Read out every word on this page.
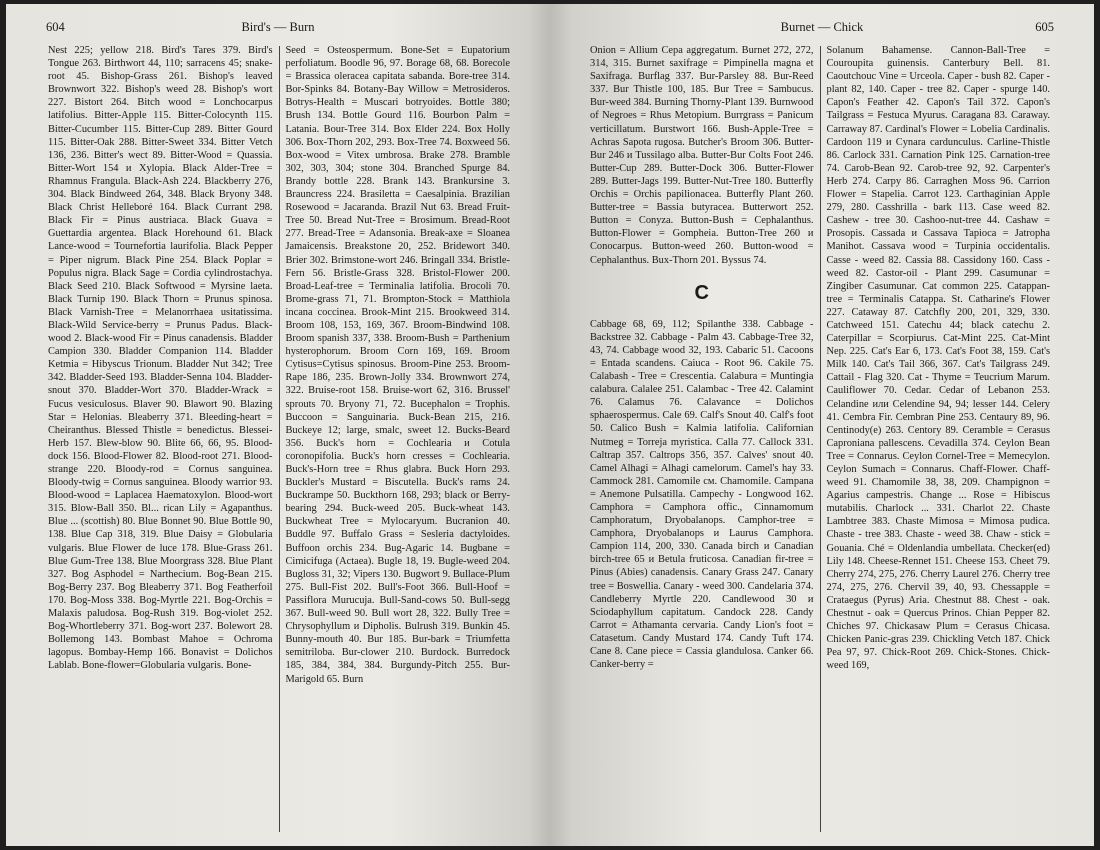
604	Bird's — Burn
Nest 225; yellow 218. Bird's Tares 379. Bird's Tongue 263. Birthwort 44, 110; sarracens 45; snake-root 45. Bishop-Grass 261. Bishop's leaved Brownwort 322. Bishop's weed 28. Bishop's wort 227. Bistort 264. Bitch wood = Lonchocarpus latifolius. Bitter-Apple 115. Bitter-Colocynth 115. Bitter-Cucumber 115. Bitter-Cup 289. Bitter Gourd 115. Bitter-Oak 288. Bitter-Sweet 334. Bitter Vetch 136, 236. Bitter's wect 89. Bitter-Wood = Quassia. Bitter-Wort 154 и Xylopia. Black Alder-Tree = Rhamnus Frangula. Black-Ash 224. Blackberry 276, 304. Black Bindweed 264, 348. Black Bryony 348. Black Christ Helleboré 164. Black Currant 298. Black Fir = Pinus austriaca. Black Guava = Guettardia argentea. Black Horehound 61. Black Lance-wood = Tournefortia laurifolia. Black Pepper = Piper nigrum. Black Pine 254. Black Poplar = Populus nigra. Black Sage = Cordia cylindrostachya. Black Seed 210. Black Softwood = Myrsine laeta. Black Turnip 190. Black Thorn = Prunus spinosa. Black Varnish-Tree = Melanorrhaea usitatissima. Black-Wild Service-berry = Prunus Padus. Black-wood 2. Black-wood Fir = Pinus canadensis. Bladder Campion 330. Bladder Companion 114. Bladder Ketmia = Hibyscus Trionum. Bladder Nut 342; Tree 342. Bladder-Seed 193. Bladder-Senna 104. Bladder-snout 370. Bladder-Wort 370. Bladder-Wrack = Fucus vesiculosus. Blaver 90. Blawort 90. Blazing Star = Helonias. Bleaberry 371. Bleeding-heart = Cheiranthus. Blessed Thistle = benedictus. Blessei-Herb 157. Blew-blow 90. Blite 66, 66, 95. Blood-dock 156. Blood-Flower 82. Blood-root 271. Blood-strange 220. Bloody-rod = Cornus sanguinea. Bloody-twig = Cornus sanguinea. Bloody warrior 93. Blood-wood = Laplacea Haematoxylon. Blood-wort 315. Blow-Ball 350. Bl... rican Lily = Agapanthus. Blue ... (scottish) 80. Blue Bonnet 90. Blue Bottle 90, 138. Blue Cap 318, 319. Blue Daisy = Globularia vulgaris. Blue Flower de luce 178. Blue-Grass 261. Blue Gum-Tree 138. Blue Moorgrass 328. Blue Plant 327. Bog Asphodel = Narthecium. Bog-Bean 215. Bog-Berry 237. Bog Bleaberry 371. Bog Featherfoil 170. Bog-Moss 338. Bog-Myrtle 221. Bog-Orchis = Malaxis paludosa. Bog-Rush 319. Bog-violet 252. Bog-Whortleberry 371. Bog-wort 237. Bolewort 28. Bollemong 143. Bombast Mahoe = Ochroma lagopus. Bombay-Hemp 166. Bonavist = Dolichos Lablab. Bone-flower=Globularia vulgaris. Bone-
Seed = Osteospermum. Bone-Set = Eupatorium perfoliatum. Boodle 96, 97. Borage 68, 68. Borecole = Brassica oleracea capitata sabanda. Bore-tree 314. Bor-Spinks 84. Botany-Bay Willow = Metrosideros. Botrys-Health = Muscari botryoides. Bottle 380; Brush 134. Bottle Gourd 116. Bourbon Palm = Latania. Bour-Tree 314. Box Elder 224. Box Holly 306. Box-Thorn 202, 293. Box-Tree 74. Boxweed 56. Box-wood = Vitex umbrosa. Brake 278. Bramble 302, 303, 304; stone 304. Branched Spurge 84. Brandy bottle 228. Brank 143. Brankursine 3. Brauncress 224. Brasiletta = Caesalpinia. Brazilian Rosewood = Jacaranda. Brazil Nut 63. Bread Fruit-Tree 50. Bread Nut-Tree = Brosimum. Bread-Root 277. Bread-Tree = Adansonia. Break-axe = Sloanea Jamaicensis. Breakstone 20, 252. Bridewort 340. Brier 302. Brimstone-wort 246. Bringall 334. Bristle-Fern 56. Bristle-Grass 328. Bristol-Flower 200. Broad-Leaf-tree = Terminalia latifolia. Brocoli 70. Brome-grass 71, 71. Brompton-Stock = Matthiola incana coccinea. Brook-Mint 215. Brookweed 314. Broom 108, 153, 169, 367. Broom-Bindwind 108. Broom spanish 337, 338. Broom-Bush = Parthenium hysterophorum. Broom Corn 169, 169. Broom Cytisus=Cytisus spinosus. Broom-Pine 253. Broom-Rape 186, 235. Brown-Jolly 334. Brownwort 274, 322. Bruise-root 158. Bruise-wort 62, 316. Brussel' sprouts 70. Bryony 71, 72. Bucephalon = Trophis. Buccoon = Sanguinaria. Buck-Bean 215, 216. Buckeye 12; large, smalc, sweet 12. Bucks-Beard 356. Buck's horn = Cochlearia и Cotula coronopifolia. Buck's horn cresses = Cochlearia. Buck's-Horn tree = Rhus glabra. Buck Horn 293. Buckler's Mustard = Biscutella. Buck's rams 24. Buckrampe 50. Buckthorn 168, 293; black or Berry-bearing 294. Buck-weed 205. Buck-wheat 143. Buckwheat Tree = Mylocaryum. Bucranion 40. Buddle 97. Buffalo Grass = Sesleria dactyloides. Buffoon orchis 234. Bug-Agaric 14. Bugbane = Cimicifuga (Actaea). Bugle 18, 19. Bugle-weed 204. Bugloss 31, 32; Vipers 130. Bugwort 9. Bullace-Plum 275. Bull-Fist 202. Bull's-Foot 366. Bull-Hoof = Passiflora Murucuja. Bull-Sand-cows 50. Bull-segg 367. Bull-weed 90. Bull wort 28, 322. Bully Tree = Chrysophyllum и Dipholis. Bulrush 319. Bunkin 45. Bunny-mouth 40. Bur 185. Bur-bark = Triumfetta semitriloba. Bur-clower 210. Burdock. Burredock 185, 384, 384, 384. Burgundy-Pitch 255. Bur-Marigold 65. Burn
Burnet — Chick	605
Onion = Allium Cepa aggregatum. Burnet 272, 272, 314, 315. Burnet saxifrage = Pimpinella magna et Saxifraga. Burflag 337. Bur-Parsley 88. Bur-Reed 337. Bur Thistle 100, 185. Bur Tree = Sambucus. Bur-weed 384. Burning Thorny-Plant 139. Burnwood of Negroes = Rhus Metopium. Burrgrass = Panicum verticillatum. Burstwort 166. Bush-Apple-Tree = Achras Sapota rugosa. Butcher's Broom 306. Butter-Bur 246 и Tussilago alba. Butter-Bur Colts Foot 246. Butter-Cup 289. Butter-Dock 306. Butter-Flower 289. Butter-Jags 199. Butter-Nut-Tree 180. Butterfly Orchis = Orchis papilionacea. Butterfly Plant 260. Butter-tree = Bassia butyracea. Butterwort 252. Button = Conyza. Button-Bush = Cephalanthus. Button-Flower = Gompheia. Button-Tree 260 и Conocarpus. Button-weed 260. Button-wood = Cephalanthus. Bux-Thorn 201. Byssus 74.
C
Cabbage 68, 69, 112; Spilanthe 338. Cabbage - Backstree 32. Cabbage - Palm 43. Cabbage-Tree 32, 43, 74. Cabbage wood 32, 193. Cabaric 51. Cacoons = Entada scandens. Caiuca - Root 96. Cakile 75. Calabash - Tree = Crescentia. Calabura = Muntingia calabura. Calalee 251. Calambac - Tree 42. Calamint 76. Calamus 76. Calavance = Dolichos sphaerospermus. Cale 69. Calf's Snout 40. Calf's foot 50. Calico Bush = Kalmia latifolia. Californian Nutmeg = Torreja myristica. Calla 77. Callock 331. Caltrap 357. Caltrops 356, 357. Calves' snout 40. Camel Alhagi = Alhagi camelorum. Camel's hay 33. Cammock 281. Camomile см. Chamomile. Campana = Anemone Pulsatilla. Campechy - Longwood 162. Camphora = Camphora offic., Cinnamomum Camphoratum, Dryobalanops. Camphor-tree = Camphora, Dryobalanops и Laurus Camphora. Campion 114, 200, 330. Canada birch и Canadian birch-tree 65 и Betula fruticosa. Canadian fir-tree = Pinus (Abies) canadensis. Canary Grass 247. Canary tree = Boswellia. Canary - weed 300. Candelaria 374. Candleberry Myrtle 220. Candlewood 30 и Sciodaphyllum capitatum. Candock 228. Candy Carrot = Athamanta cervaria. Candy Lion's foot = Catasetum. Candy Mustard 174. Candy Tuft 174. Cane 8. Cane piece = Cassia glandulosa. Canker 66. Canker-berry =
Solanum Bahamense. Cannon-Ball-Tree = Couroupita guinensis. Canterbury Bell. 81. Caoutchouc Vine = Urceola. Caper - bush 82. Caper - plant 82, 140. Caper - tree 82. Caper - spurge 140. Capon's Feather 42. Capon's Tail 372. Capon's Tailgrass = Festuca Myurus. Caragana 83. Caraway. Carraway 87. Cardinal's Flower = Lobelia Cardinalis. Cardoon 119 и Cynara cardunculus. Carline-Thistle 86. Carlock 331. Carnation Pink 125. Carnation-tree 74. Carob-Bean 92. Carob-tree 92, 92. Carpenter's Herb 274. Carpy 86. Carraghen Moss 96. Carrion Flower = Stapelia. Carrot 123. Carthaginian Apple 279, 280. Casshrilla - bark 113. Case weed 82. Cashew - tree 30. Cashoo-nut-tree 44. Cashaw = Prosopis. Cassada и Cassava Tapioca = Jatropha Manihot. Cassava wood = Turpinia occidentalis. Casse - weed 82. Cassia 88. Cassidony 160. Cass - weed 82. Castor-oil - Plant 299. Casumunar = Zingiber Casumunar. Cat common 225. Catappan-tree = Terminalis Catappa. St. Catharine's Flower 227. Cataway 87. Catchfly 200, 201, 329, 330. Catchweed 151. Catechu 44; black catechu 2. Caterpillar = Scorpiurus. Cat-Mint 225. Cat-Mint Nep. 225. Cat's Ear 6, 173. Cat's Foot 38, 159. Cat's Milk 140. Cat's Tail 366, 367. Cat's Tailgrass 249. Cattail - Flag 320. Cat - Thyme = Teucrium Marum. Cauliflower 70. Cedar. Cedar of Lebanon 253. Celandine или Celendine 94, 94; lesser 144. Celery 41. Cembra Fir. Cembran Pine 253. Centaury 89, 96. Centinody(e) 263. Centory 89. Ceramble = Cerasus Caproniana pallescens. Cevadilla 374. Ceylon Bean Tree = Connarus. Ceylon Cornel-Tree = Memecylon. Ceylon Sumach = Connarus. Chaff-Flower. Chaff-weed 91. Chamomile 38, 38, 209. Champignon = Agarius campestris. Change ... Rose = Hibiscus mutabilis. Charlock ... 331. Charlot 22. Chaste Lambtree 383. Chaste Mimosa = Mimosa pudica. Chaste - tree 383. Chaste - weed 38. Chaw - stick = Gouania. Ché = Oldenlandia umbellata. Checker(ed) Lily 148. Cheese-Rennet 151. Cheese 153. Cheet 79. Cherry 274, 275, 276. Cherry Laurel 276. Cherry tree 274, 275, 276. Chervil 39, 40, 93. Chessapple = Crataegus (Pyrus) Aria. Chestnut 88. Chest - oak. Chestnut - oak = Quercus Prinos. Chian Pepper 82. Chiches 97. Chickasaw Plum = Cerasus Chicasa. Chicken Panic-gras 239. Chickling Vetch 187. Chick Pea 97, 97. Chick-Root 269. Chick-Stones. Chick-weed 169,
